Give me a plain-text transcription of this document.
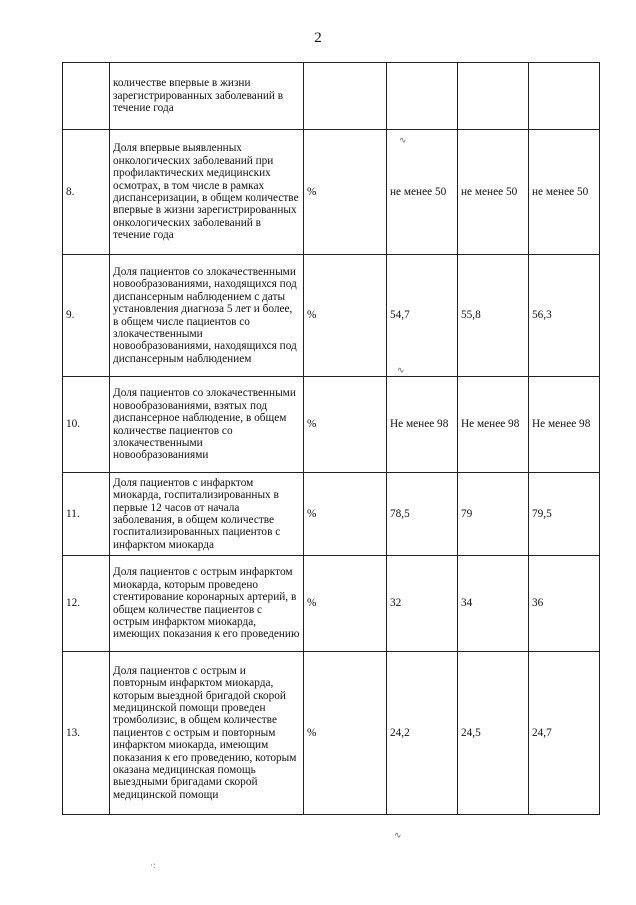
2
	количестве впервые в жизни зарегистрированных заболеваний в течение года				
8.	Доля впервые выявленных онкологических заболеваний при профилактических медицинских осмотрах, в том числе в рамках диспансеризации, в общем количестве впервые в жизни зарегистрированных онкологических заболеваний в течение года	%	не менее 50	не менее 50	не менее 50
9.	Доля пациентов со злокачественными новообразованиями, находящихся под диспансерным наблюдением с даты установления диагноза 5 лет и более, в общем числе пациентов со злокачественными новообразованиями, находящихся под диспансерным наблюдением	%	54,7	55,8	56,3
10.	Доля пациентов со злокачественными новообразованиями, взятых под диспансерное наблюдение, в общем количестве пациентов со злокачественными новообразованиями	%	Не менее 98	Не менее 98	Не менее 98
11.	Доля пациентов с инфарктом миокарда, госпитализированных в первые 12 часов от начала заболевания, в общем количестве госпитализированных пациентов с инфарктом миокарда	%	78,5	79	79,5
12.	Доля пациентов с острым инфарктом миокарда, которым проведено стентирование коронарных артерий, в общем количестве пациентов с острым инфарктом миокарда, имеющих показания к его проведению	%	32	34	36
13.	Доля пациентов с острым и повторным инфарктом миокарда, которым выездной бригадой скорой медицинской помощи проведен тромболизис, в общем количестве пациентов с острым и повторным инфарктом миокарда, имеющим показания к его проведению, которым оказана медицинская помощь выездными бригадами скорой медицинской помощи	%	24,2	24,5	24,7
∿
∿
∿
·:
